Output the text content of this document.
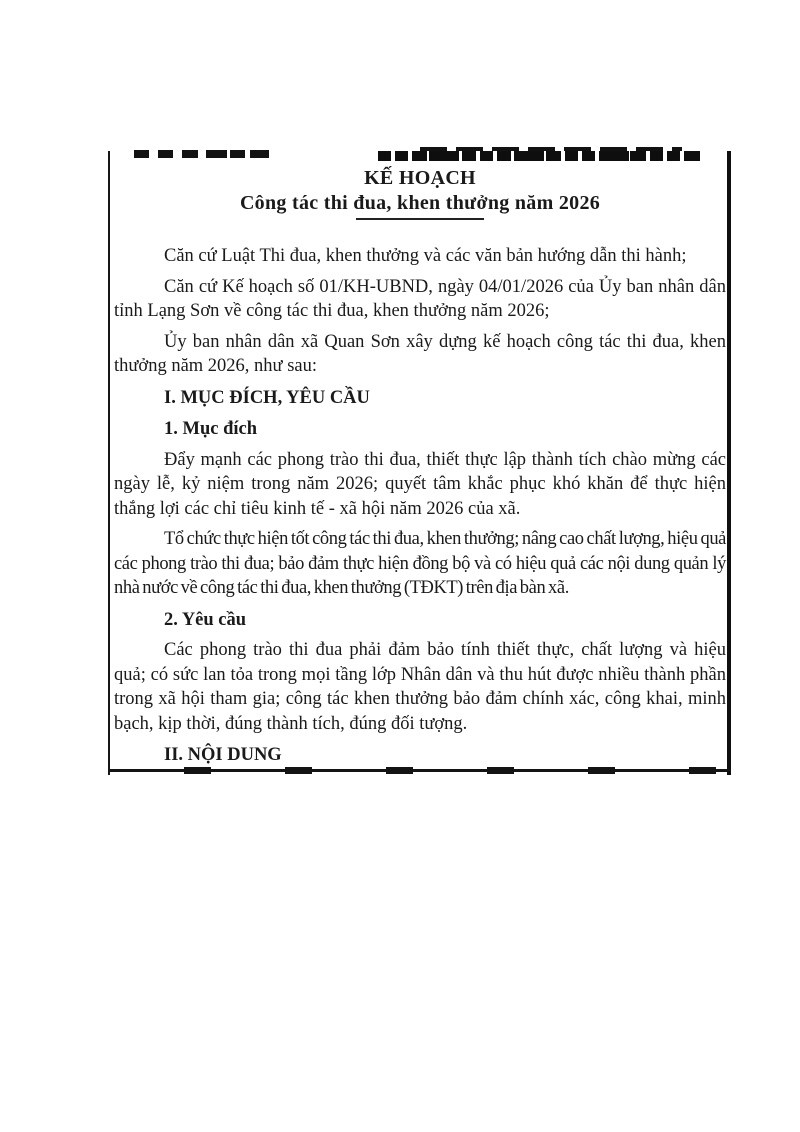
KẾ HOẠCH
Công tác thi đua, khen thưởng năm 2026

Căn cứ Luật Thi đua, khen thưởng và các văn bản hướng dẫn thi hành;

Căn cứ Kế hoạch số 01/KH-UBND, ngày 04/01/2026 của Ủy ban nhân dân tỉnh Lạng Sơn về công tác thi đua, khen thưởng năm 2026;

Ủy ban nhân dân xã Quan Sơn xây dựng kế hoạch công tác thi đua, khen thưởng năm 2026, như sau:

I. MỤC ĐÍCH, YÊU CẦU

1. Mục đích

Đẩy mạnh các phong trào thi đua, thiết thực lập thành tích chào mừng các ngày lễ, kỷ niệm trong năm 2026; quyết tâm khắc phục khó khăn để thực hiện thắng lợi các chỉ tiêu kinh tế - xã hội năm 2026 của xã.

Tổ chức thực hiện tốt công tác thi đua, khen thưởng; nâng cao chất lượng, hiệu quả các phong trào thi đua; bảo đảm thực hiện đồng bộ và có hiệu quả các nội dung quản lý nhà nước về công tác thi đua, khen thưởng (TĐKT) trên địa bàn xã.

2. Yêu cầu

Các phong trào thi đua phải đảm bảo tính thiết thực, chất lượng và hiệu quả; có sức lan tỏa trong mọi tầng lớp Nhân dân và thu hút được nhiều thành phần trong xã hội tham gia; công tác khen thưởng bảo đảm chính xác, công khai, minh bạch, kịp thời, đúng thành tích, đúng đối tượng.

II. NỘI DUNG
